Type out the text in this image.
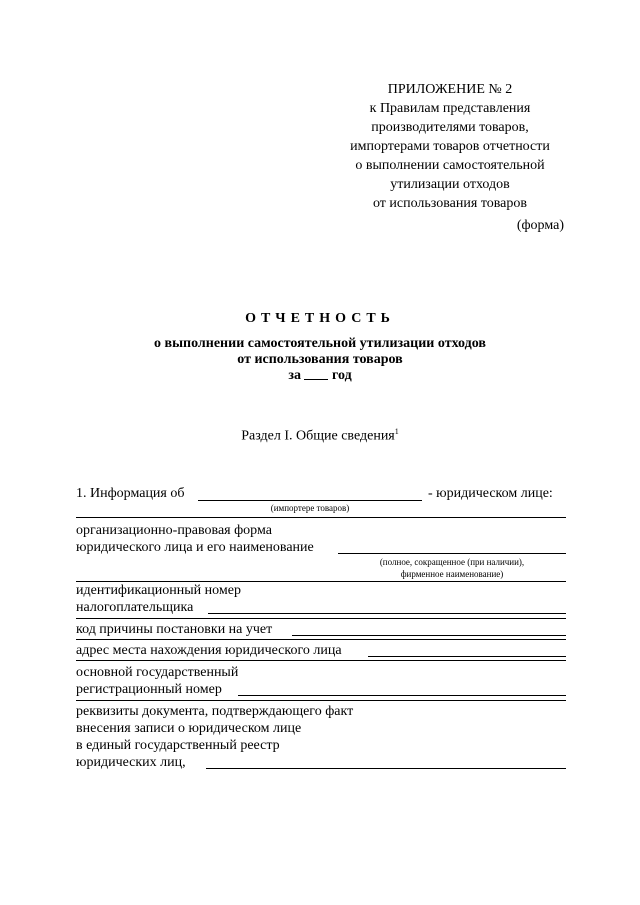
ПРИЛОЖЕНИЕ № 2
к Правилам представления
производителями товаров,
импортерами товаров отчетности
о выполнении самостоятельной
утилизации отходов
от использования товаров
(форма)
ОТЧЕТНОСТЬ
о выполнении самостоятельной утилизации отходов
от использования товаров
за год
Раздел I. Общие сведения$^1$
1. Информация об
(импортере товаров)
- юридическом лице:
организационно-правовая форма
юридического лица и его наименование
(полное, сокращенное (при наличии),
фирменное наименование)
идентификационный номер
налогоплательщика
код причины постановки на учет
адрес места нахождения юридического лица
основной государственный
регистрационный номер
реквизиты документа, подтверждающего факт
внесения записи о юридическом лице
в единый государственный реестр
юридических лиц,
